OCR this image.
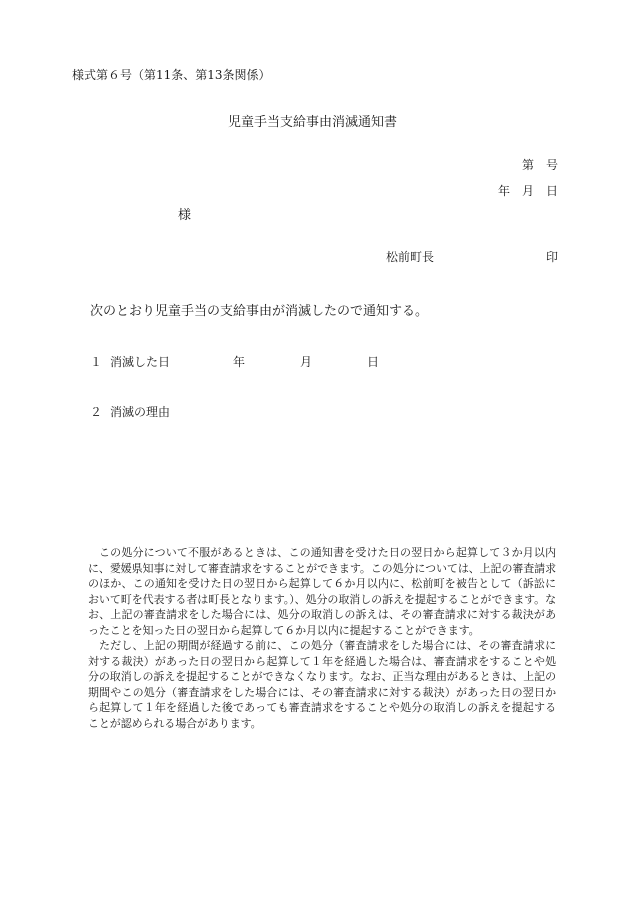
様式第６号（第11条、第13条関係）
児童手当支給事由消滅通知書
第　号
年　月　日
様
松前町長	印
次のとおり児童手当の支給事由が消滅したので通知する。
１ 消滅した日	年	月	日
２ 消滅の理由

この処分について不服があるときは、この通知書を受けた日の翌日から起算して３か月以内に、愛媛県知事に対して審査請求をすることができます。この処分については、上記の審査請求のほか、この通知を受けた日の翌日から起算して６か月以内に、松前町を被告として（訴訟において町を代表する者は町長となります。）、処分の取消しの訴えを提起することができます。なお、上記の審査請求をした場合には、処分の取消しの訴えは、その審査請求に対する裁決があったことを知った日の翌日から起算して６か月以内に提起することができます。

ただし、上記の期間が経過する前に、この処分（審査請求をした場合には、その審査請求に対する裁決）があった日の翌日から起算して１年を経過した場合は、審査請求をすることや処分の取消しの訴えを提起することができなくなります。なお、正当な理由があるときは、上記の期間やこの処分（審査請求をした場合には、その審査請求に対する裁決）があった日の翌日から起算して１年を経過した後であっても審査請求をすることや処分の取消しの訴えを提起することが認められる場合があります。
